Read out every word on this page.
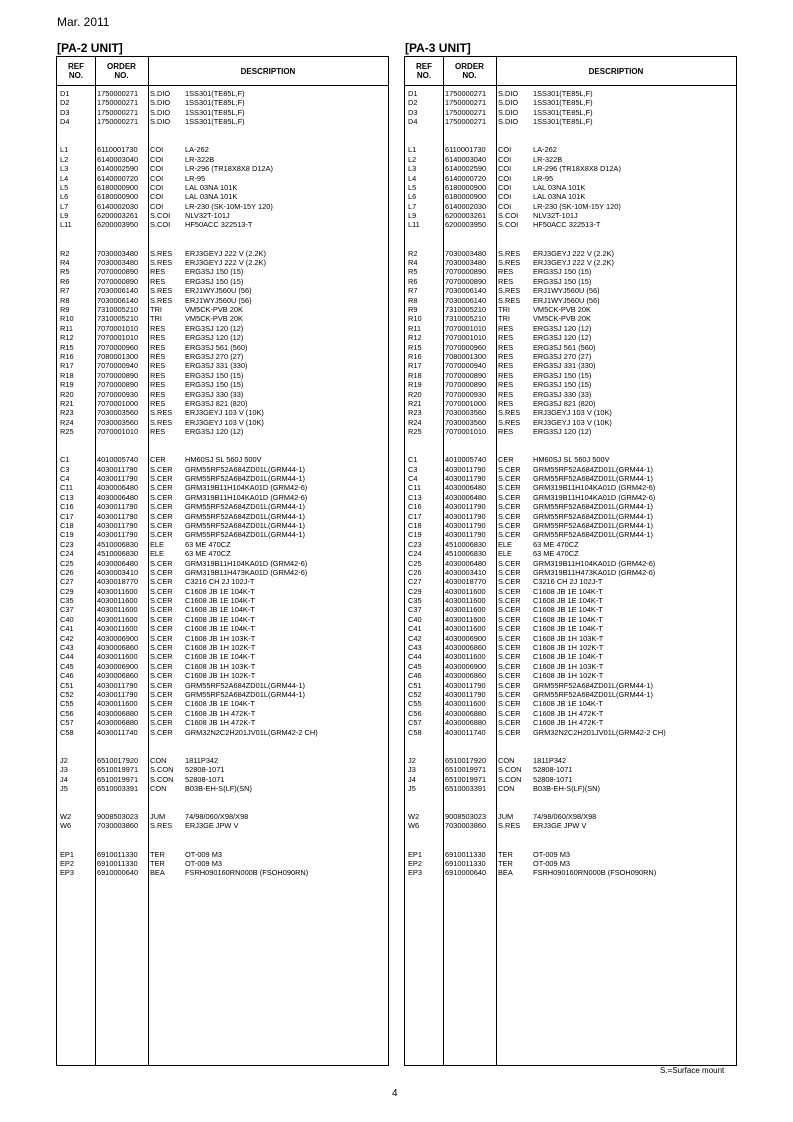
Mar. 2011
[PA-2 UNIT]
REF
NO.
ORDER
NO.	DESCRIPTION
D1	1750000271 S.DIO 1SS301(TE85L,F)
D2	1750000271 S.DIO 1SS301(TE85L,F)
D3	1750000271 S.DIO 1SS301(TE85L,F)
D4	1750000271 S.DIO 1SS301(TE85L,F)
L1	6110001730 COI	LA-262
L2	6140003040 COI	LR-322B
L3	6140002590 COI	LR-296 (TR18X8X8 D12A)
L4	6140000720 COI	LR-95
L5	6180000900 COI	LAL 03NA 101K
L6	6180000900 COI	LAL 03NA 101K
L7	6140002030 COI	LR-230 (SK-10M-15Y 120)
L9	6200003261 S.COI NLV32T-101J
L11	6200003950 S.COI HF50ACC 322513-T
R2	7030003480 S.RES ERJ3GEYJ 222 V (2.2K)
R4	7030003480 S.RES ERJ3GEYJ 222 V (2.2K)
R5	7070000890 RES	ERG3SJ 150 (15)
R6	7070000890 RES	ERG3SJ 150 (15)
R7	7030006140 S.RES ERJ1WYJ560U (56)
R8	7030006140 S.RES ERJ1WYJ560U (56)
R9	7310005210 TRI	VM5CK-PVB 20K
R10	7310005210 TRI	VM5CK-PVB 20K
R11	7070001010 RES	ERG3SJ 120 (12)
R12	7070001010 RES	ERG3SJ 120 (12)
R15	7070000960 RES	ERG3SJ 561 (560)
R16	7080001300 RES	ERG3SJ 270 (27)
R17	7070000940 RES	ERG3SJ 331 (330)
R18	7070000890 RES	ERG3SJ 150 (15)
R19	7070000890 RES	ERG3SJ 150 (15)
R20	7070000930 RES	ERG3SJ 330 (33)
R21	7070001000 RES	ERG3SJ 821 (820)
R23	7030003560 S.RES ERJ3GEYJ 103 V (10K)
R24	7030003560 S.RES ERJ3GEYJ 103 V (10K)
R25	7070001010 RES	ERG3SJ 120 (12)
C1	4010005740 CER	HM60SJ SL 560J 500V
C3	4030011790 S.CER GRM55RF52A684ZD01L(GRM44-1)
C4	4030011790 S.CER GRM55RF52A684ZD01L(GRM44-1)
C11	4030006480 S.CER GRM319B11H104KA01D (GRM42-6)
C13	4030006480 S.CER GRM319B11H104KA01D (GRM42-6)
C16	4030011790 S.CER GRM55RF52A684ZD01L(GRM44-1)
C17	4030011790 S.CER GRM55RF52A684ZD01L(GRM44-1)
C18	4030011790 S.CER GRM55RF52A684ZD01L(GRM44-1)
C19	4030011790 S.CER GRM55RF52A684ZD01L(GRM44-1)
C23	4510006830 ELE	63 ME 470CZ
C24	4510006830 ELE	63 ME 470CZ
C25	4030006480 S.CER GRM319B11H104KA01D (GRM42-6)
C26	4030003410 S.CER GRM319B11H473KA01D (GRM42-6)
C27	4030018770 S.CER C3216 CH 2J 102J-T
C29	4030011600 S.CER C1608 JB 1E 104K-T
C35	4030011600 S.CER C1608 JB 1E 104K-T
C37	4030011600 S.CER C1608 JB 1E 104K-T
C40	4030011600 S.CER C1608 JB 1E 104K-T
C41	4030011600 S.CER C1608 JB 1E 104K-T
C42	4030006900 S.CER C1608 JB 1H 103K-T
C43	4030006860 S.CER C1608 JB 1H 102K-T
C44	4030011600 S.CER C1608 JB 1E 104K-T
C45	4030006900 S.CER C1608 JB 1H 103K-T
C46	4030006860 S.CER C1608 JB 1H 102K-T
C51	4030011790 S.CER GRM55RF52A684ZD01L(GRM44-1)
C52	4030011790 S.CER GRM55RF52A684ZD01L(GRM44-1)
C55	4030011600 S.CER C1608 JB 1E 104K-T
C56	4030006880 S.CER C1608 JB 1H 472K-T
C57	4030006880 S.CER C1608 JB 1H 472K-T
C58	4030011740 S.CER GRM32N2C2H201JV01L(GRM42-2 CH)
J2	6510017920 CON	1811P342
J3	6510019971 S.CON 52808-1071
J4	6510019971 S.CON 52808-1071
J5	6510003391 CON	B03B-EH-S(LF)(SN)
W2	9008503023 JUM	74/98/060/X98/X98
W6	7030003860 S.RES ERJ3GE JPW V
EP1	6910011330 TER	OT-009 M3
EP2	6910011330 TER	OT-009 M3
EP3	6910000640 BEA	FSRH090160RN000B (FSOH090RN)
[PA-3 UNIT]
REF
NO.
ORDER
NO.	DESCRIPTION
D1	1750000271 S.DIO 1SS301(TE85L,F)
D2	1750000271 S.DIO 1SS301(TE85L,F)
D3	1750000271 S.DIO 1SS301(TE85L,F)
D4	1750000271 S.DIO 1SS301(TE85L,F)
L1	6110001730 COI	LA-262
L2	6140003040 COI	LR-322B
L3	6140002590 COI	LR-296 (TR18X8X8 D12A)
L4	6140000720 COI	LR-95
L5	6180000900 COI	LAL 03NA 101K
L6	6180000900 COI	LAL 03NA 101K
L7	6140002030 COI	LR-230 (SK-10M-15Y 120)
L9	6200003261 S.COI NLV32T-101J
L11	6200003950 S.COI HF50ACC 322513-T
R2	7030003480 S.RES ERJ3GEYJ 222 V (2.2K)
R4	7030003480 S.RES ERJ3GEYJ 222 V (2.2K)
R5	7070000890 RES	ERG3SJ 150 (15)
R6	7070000890 RES	ERG3SJ 150 (15)
R7	7030006140 S.RES ERJ1WYJ560U (56)
R8	7030006140 S.RES ERJ1WYJ560U (56)
R9	7310005210 TRI	VM5CK-PVB 20K
R10	7310005210 TRI	VM5CK-PVB 20K
R11	7070001010 RES	ERG3SJ 120 (12)
R12	7070001010 RES	ERG3SJ 120 (12)
R15	7070000960 RES	ERG3SJ 561 (560)
R16	7080001300 RES	ERG3SJ 270 (27)
R17	7070000940 RES	ERG3SJ 331 (330)
R18	7070000890 RES	ERG3SJ 150 (15)
R19	7070000890 RES	ERG3SJ 150 (15)
R20	7070000930 RES	ERG3SJ 330 (33)
R21	7070001000 RES	ERG3SJ 821 (820)
R23	7030003560 S.RES ERJ3GEYJ 103 V (10K)
R24	7030003560 S.RES ERJ3GEYJ 103 V (10K)
R25	7070001010 RES	ERG3SJ 120 (12)
C1	4010005740 CER	HM60SJ SL 560J 500V
C3	4030011790 S.CER GRM55RF52A684ZD01L(GRM44-1)
C4	4030011790 S.CER GRM55RF52A684ZD01L(GRM44-1)
C11	4030006480 S.CER GRM319B11H104KA01D (GRM42-6)
C13	4030006480 S.CER GRM319B11H104KA01D (GRM42-6)
C16	4030011790 S.CER GRM55RF52A684ZD01L(GRM44-1)
C17	4030011790 S.CER GRM55RF52A684ZD01L(GRM44-1)
C18	4030011790 S.CER GRM55RF52A684ZD01L(GRM44-1)
C19	4030011790 S.CER GRM55RF52A684ZD01L(GRM44-1)
C23	4510006830 ELE	63 ME 470CZ
C24	4510006830 ELE	63 ME 470CZ
C25	4030006480 S.CER GRM319B11H104KA01D (GRM42-6)
C26	4030003410 S.CER GRM319B11H473KA01D (GRM42-6)
C27	4030018770 S.CER C3216 CH 2J 102J-T
C29	4030011600 S.CER C1608 JB 1E 104K-T
C35	4030011600 S.CER C1608 JB 1E 104K-T
C37	4030011600 S.CER C1608 JB 1E 104K-T
C40	4030011600 S.CER C1608 JB 1E 104K-T
C41	4030011600 S.CER C1608 JB 1E 104K-T
C42	4030006900 S.CER C1608 JB 1H 103K-T
C43	4030006860 S.CER C1608 JB 1H 102K-T
C44	4030011600 S.CER C1608 JB 1E 104K-T
C45	4030006900 S.CER C1608 JB 1H 103K-T
C46	4030006860 S.CER C1608 JB 1H 102K-T
C51	4030011790 S.CER GRM55RF52A684ZD01L(GRM44-1)
C52	4030011790 S.CER GRM55RF52A684ZD01L(GRM44-1)
C55	4030011600 S.CER C1608 JB 1E 104K-T
C56	4030006880 S.CER C1608 JB 1H 472K-T
C57	4030006880 S.CER C1608 JB 1H 472K-T
C58	4030011740 S.CER GRM32N2C2H201JV01L(GRM42-2 CH)
J2	6510017920 CON	1811P342
J3	6510019971 S.CON 52808-1071
J4	6510019971 S.CON 52808-1071
J5	6510003391 CON	B03B-EH-S(LF)(SN)
W2	9008503023 JUM	74/98/060/X98/X98
W6	7030003860 S.RES ERJ3GE JPW V
EP1	6910011330 TER	OT-009 M3
EP2	6910011330 TER	OT-009 M3
EP3	6910000640 BEA	FSRH090160RN000B (FSOH090RN)
S.=Surface mount
4
